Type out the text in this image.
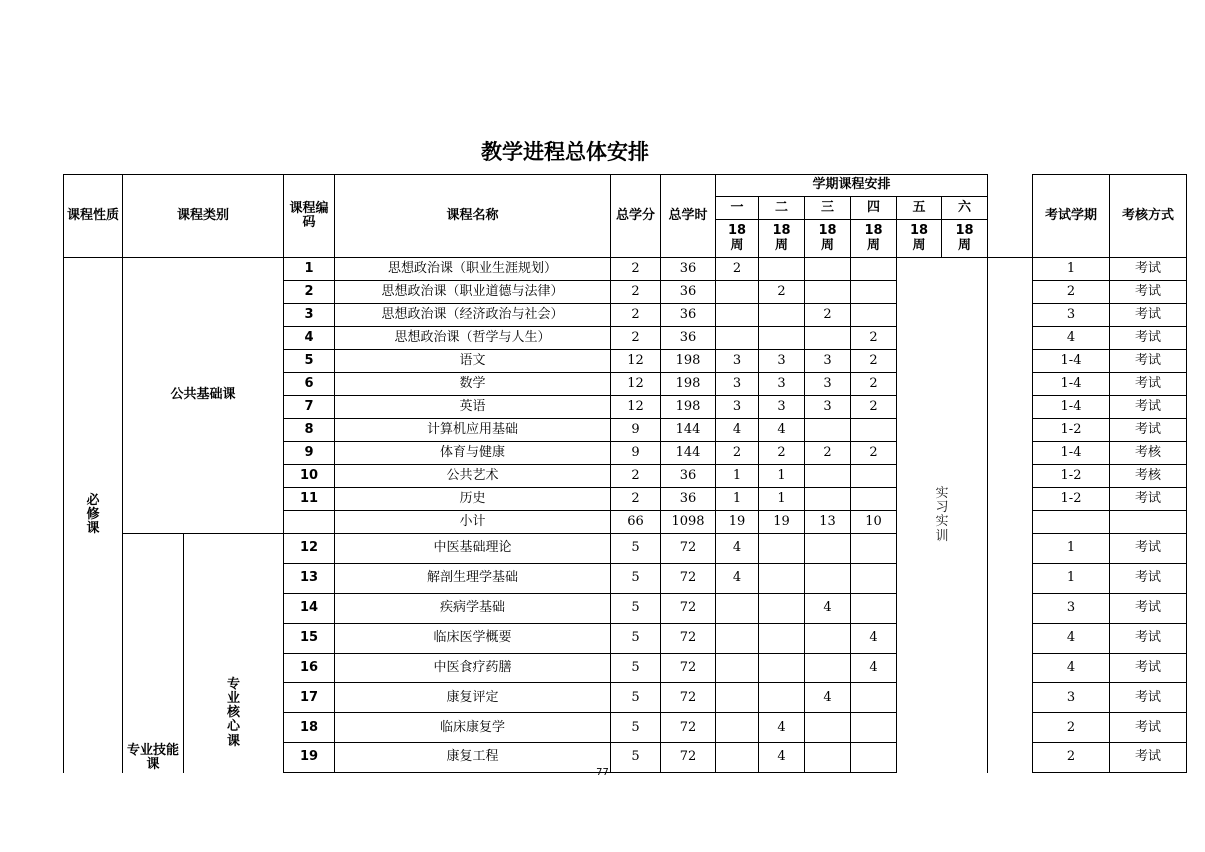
教学进程总体安排
课程性质	课程类别		课程编码	课程名称	总学分	总学时	学期课程安排							考试学期	考核方式
							一	二	三	四	五	六			
							18周	18周	18周	18周	18周	18周			
必修课	公共基础课		1	思想政治课（职业生涯规划）	2	36	2				实习实训			1	考试
			2	思想政治课（职业道德与法律）	2	36		2						2	考试
			3	思想政治课（经济政治与社会）	2	36			2					3	考试
			4	思想政治课（哲学与人生）	2	36				2				4	考试
			5	语文	12	198	3	3	3	2				1-4	考试
			6	数学	12	198	3	3	3	2				1-4	考试
			7	英语	12	198	3	3	3	2				1-4	考试
			8	计算机应用基础	9	144	4	4						1-2	考试
			9	体育与健康	9	144	2	2	2	2				1-4	考核
			10	公共艺术	2	36	1	1						1-2	考核
			11	历史	2	36	1	1						1-2	考试
				小计	66	1098	19	19	13	10					
	专业技能课	专业核心课	12	中医基础理论	5	72	4							1	考试
			13	解剖生理学基础	5	72	4							1	考试
			14	疾病学基础	5	72			4					3	考试
			15	临床医学概要	5	72				4				4	考试
			16	中医食疗药膳	5	72				4				4	考试
			17	康复评定	5	72			4					3	考试
			18	临床康复学	5	72		4						2	考试
			19	康复工程	5	72		4						2	考试
77
